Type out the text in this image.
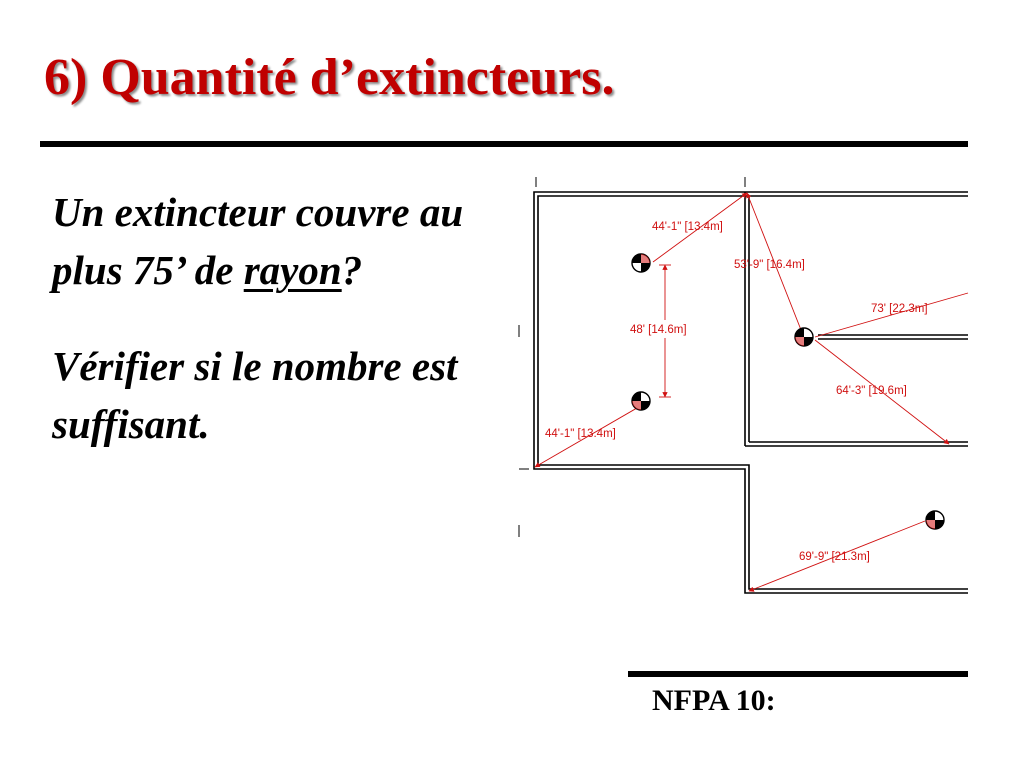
6) Quantité d’extincteurs.

Un extincteur couvre au plus 75’ de rayon?

Vérifier si le nombre est suffisant.

44'-1" [13.4m]
53'-9" [16.4m]
48' [14.6m]
73' [22.3m]
64'-3" [19.6m]
44'-1" [13.4m]
69'-9" [21.3m]

NFPA 10:
